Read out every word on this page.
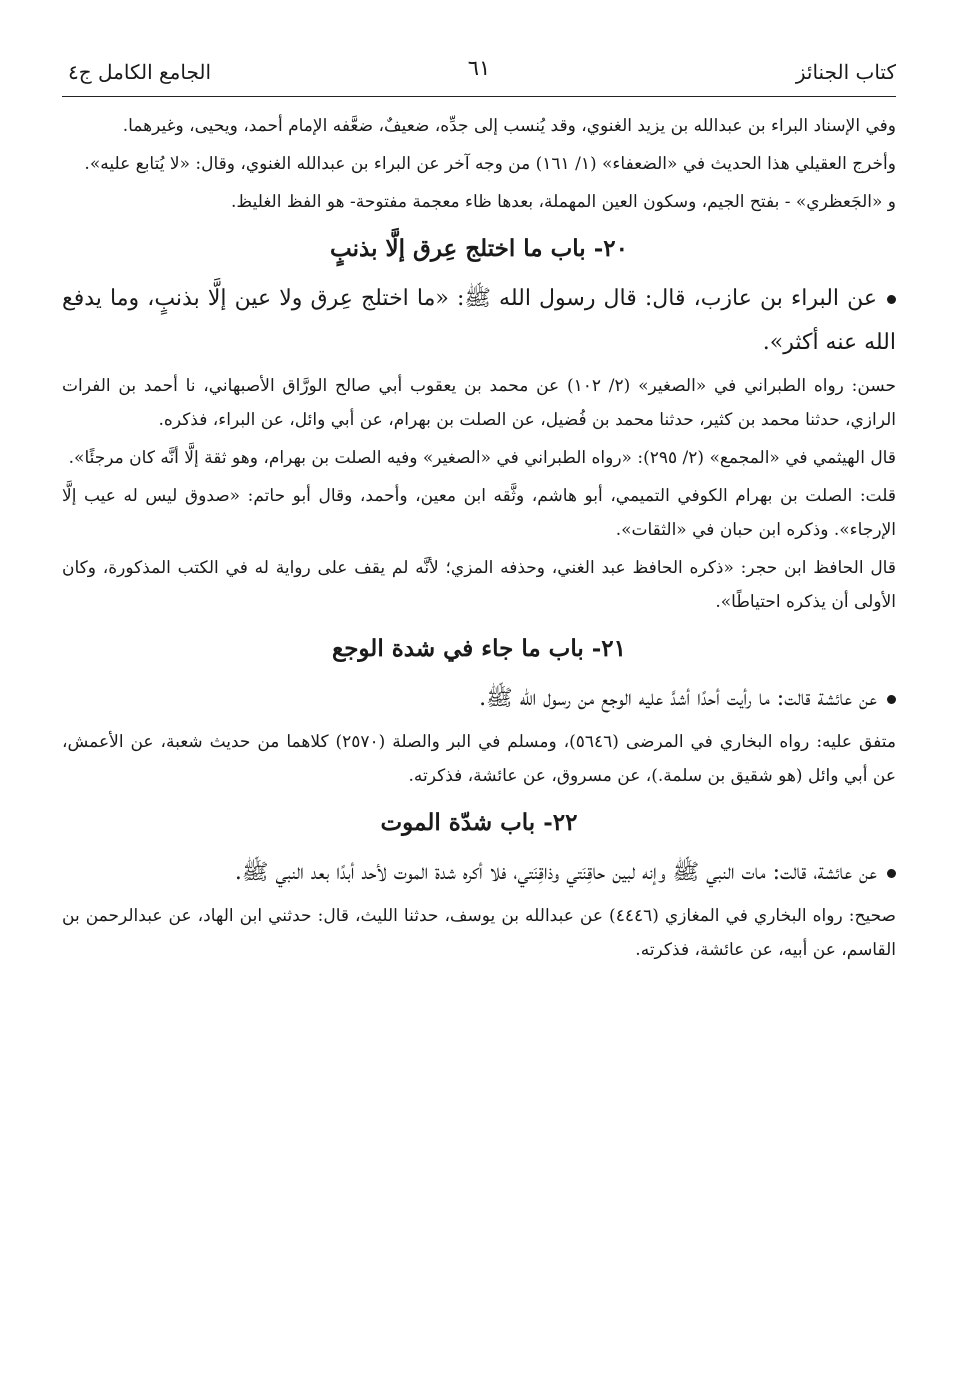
كتاب الجنائز
٦١
الجامع الكامل ج٤

وفي الإسناد البراء بن عبدالله بن يزيد الغنوي، وقد يُنسب إلى جدِّه، ضعيفٌ، ضعَّفه الإمام أحمد، ويحيى، وغيرهما.

وأخرج العقيلي هذا الحديث في «الضعفاء» (١/ ١٦١) من وجه آخر عن البراء بن عبدالله الغنوي، وقال: «لا يُتابع عليه».

و «الجَعظري» - بفتح الجيم، وسكون العين المهملة، بعدها ظاء معجمة مفتوحة- هو الفظ الغليظ.

٢٠- باب ما اختلج عِرق إلَّا بذنبٍ

عن البراء بن عازب، قال: قال رسول الله ﷺ: «ما اختلج عِرق ولا عين إلَّا بذنبٍ، وما يدفع الله عنه أكثر».

حسن: رواه الطبراني في «الصغير» (٢/ ١٠٢) عن محمد بن يعقوب أبي صالح الورَّاق الأصبهاني، نا أحمد بن الفرات الرازي، حدثنا محمد بن كثير، حدثنا محمد بن فُضيل، عن الصلت بن بهرام، عن أبي وائل، عن البراء، فذكره.

قال الهيثمي في «المجمع» (٢/ ٢٩٥): «رواه الطبراني في «الصغير» وفيه الصلت بن بهرام، وهو ثقة إلَّا أنَّه كان مرجئًا».

قلت: الصلت بن بهرام الكوفي التميمي، أبو هاشم، وثَّقه ابن معين، وأحمد، وقال أبو حاتم: «صدوق ليس له عيب إلَّا الإرجاء». وذكره ابن حبان في «الثقات».

قال الحافظ ابن حجر: «ذكره الحافظ عبد الغني، وحذفه المزي؛ لأنَّه لم يقف على رواية له في الكتب المذكورة، وكان الأولى أن يذكره احتياطًا».

٢١- باب ما جاء في شدة الوجع

عن عائشة قالت: ما رأيت أحدًا أشدَّ عليه الوجع من رسول الله ﷺ.

متفق عليه: رواه البخاري في المرضى (٥٦٤٦)، ومسلم في البر والصلة (٢٥٧٠) كلاهما من حديث شعبة، عن الأعمش، عن أبي وائل (هو شقيق بن سلمة.)، عن مسروق، عن عائشة، فذكرته.

٢٢- باب شدّة الموت

عن عائشة، قالت: مات النبي ﷺ وإنه لبين حاقِنَتي وذاقِنَتي، فلا أكره شدة الموت لأحد أبدًا بعد النبي ﷺ.

صحيح: رواه البخاري في المغازي (٤٤٤٦) عن عبدالله بن يوسف، حدثنا الليث، قال: حدثني ابن الهاد، عن عبدالرحمن بن القاسم، عن أبيه، عن عائشة، فذكرته.
